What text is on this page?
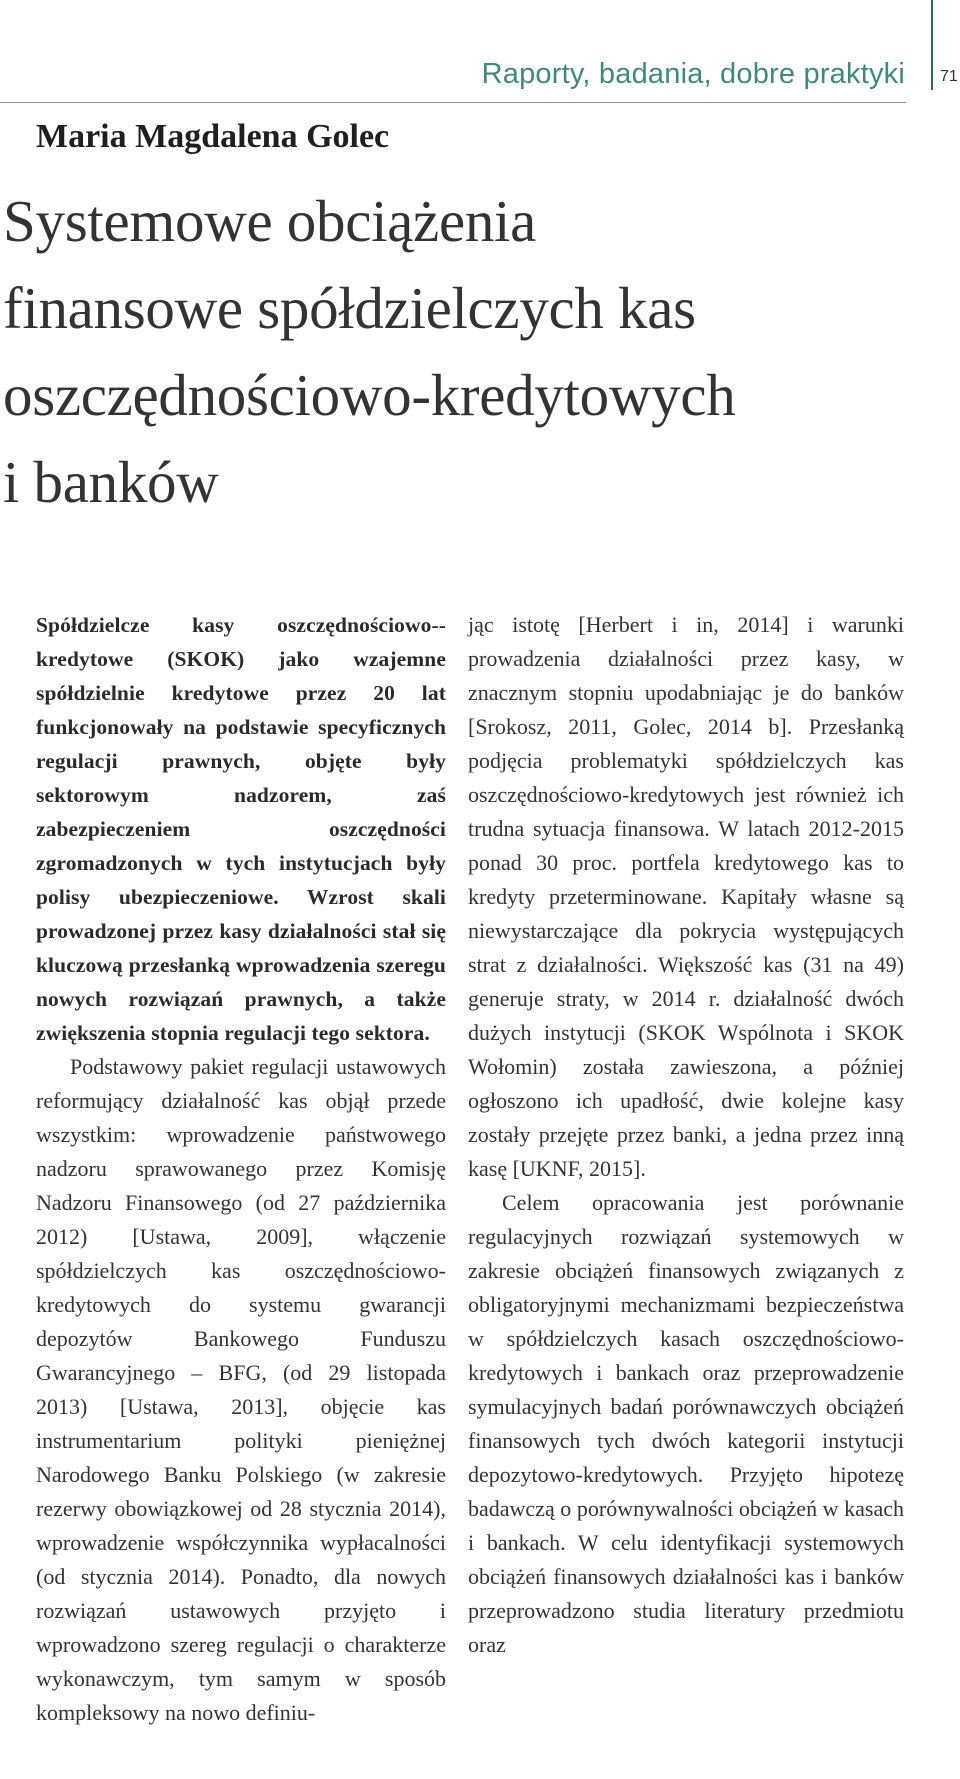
Raporty, badania, dobre praktyki 71
Maria Magdalena Golec
Systemowe obciążenia
finansowe spółdzielczych kas
oszczędnościowo-kredytowych
i banków

Spółdzielcze kasy oszczędnościowo--kredytowe (SKOK) jako wzajemne spółdzielnie kredytowe przez 20 lat funkcjonowały na podstawie specyficznych regulacji prawnych, objęte były sektorowym nadzorem, zaś zabezpieczeniem oszczędności zgromadzonych w tych instytucjach były polisy ubezpieczeniowe. Wzrost skali prowadzonej przez kasy działalności stał się kluczową przesłanką wprowadzenia szeregu nowych rozwiązań prawnych, a także zwiększenia stopnia regulacji tego sektora.

Podstawowy pakiet regulacji ustawowych reformujący działalność kas objął przede wszystkim: wprowadzenie państwowego nadzoru sprawowanego przez Komisję Nadzoru Finansowego (od 27 października 2012) [Ustawa, 2009], włączenie spółdzielczych kas oszczędnościowo-kredytowych do systemu gwarancji depozytów Bankowego Funduszu Gwarancyjnego – BFG, (od 29 listopada 2013) [Ustawa, 2013], objęcie kas instrumentarium polityki pieniężnej Narodowego Banku Polskiego (w zakresie rezerwy obowiązkowej od 28 stycznia 2014), wprowadzenie współczynnika wypłacalności (od stycznia 2014). Ponadto, dla nowych rozwiązań ustawowych przyjęto i wprowadzono szereg regulacji o charakterze wykonawczym, tym samym w sposób kompleksowy na nowo definiu-

jąc istotę [Herbert i in, 2014] i warunki prowadzenia działalności przez kasy, w znacznym stopniu upodabniając je do banków [Srokosz, 2011, Golec, 2014 b]. Przesłanką podjęcia problematyki spółdzielczych kas oszczędnościowo-kredytowych jest również ich trudna sytuacja finansowa. W latach 2012-2015 ponad 30 proc. portfela kredytowego kas to kredyty przeterminowane. Kapitały własne są niewystarczające dla pokrycia występujących strat z działalności. Większość kas (31 na 49) generuje straty, w 2014 r. działalność dwóch dużych instytucji (SKOK Wspólnota i SKOK Wołomin) została zawieszona, a później ogłoszono ich upadłość, dwie kolejne kasy zostały przejęte przez banki, a jedna przez inną kasę [UKNF, 2015].

Celem opracowania jest porównanie regulacyjnych rozwiązań systemowych w zakresie obciążeń finansowych związanych z obligatoryjnymi mechanizmami bezpieczeństwa w spółdzielczych kasach oszczędnościowo-kredytowych i bankach oraz przeprowadzenie symulacyjnych badań porównawczych obciążeń finansowych tych dwóch kategorii instytucji depozytowo-kredytowych. Przyjęto hipotezę badawczą o porównywalności obciążeń w kasach i bankach. W celu identyfikacji systemowych obciążeń finansowych działalności kas i banków przeprowadzono studia literatury przedmiotu oraz
